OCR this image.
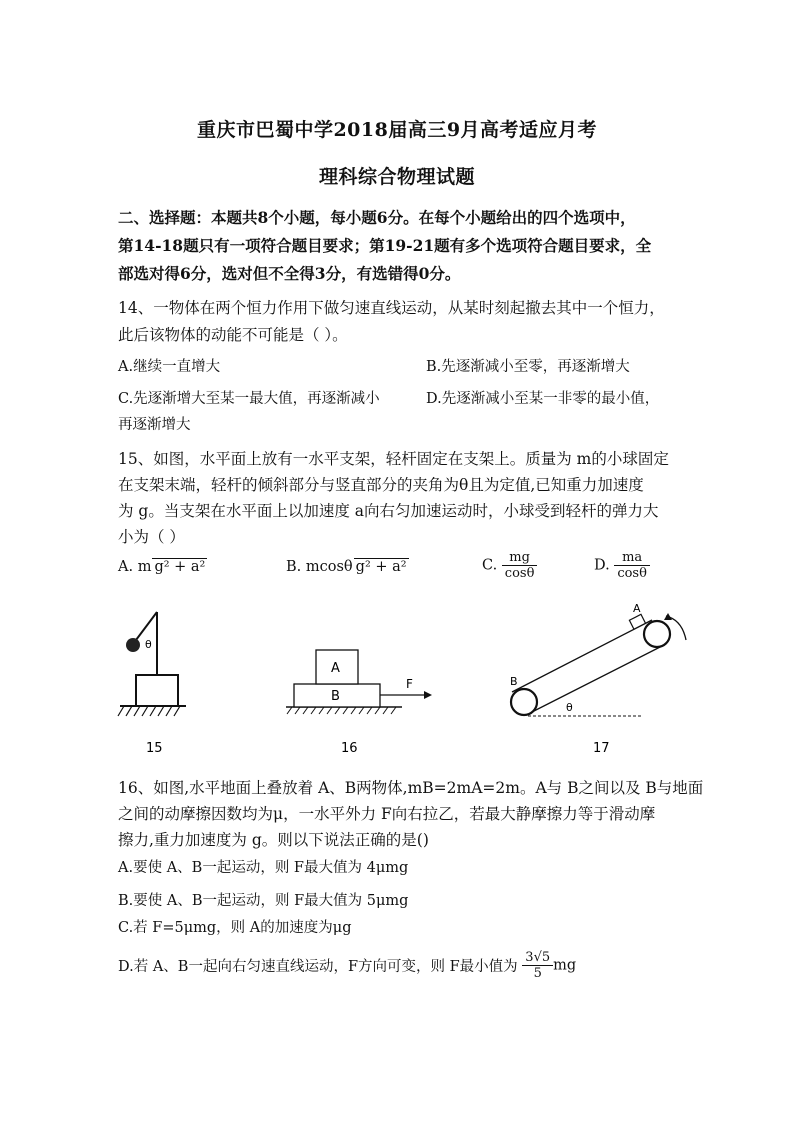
重庆市巴蜀中学2018届高三9月高考适应月考
理科综合物理试题
二、选择题：本题共8个小题，每小题6分。在每个小题给出的四个选项中，
第14-18题只有一项符合题目要求；第19-21题有多个选项符合题目要求，全
部选对得6分，选对但不全得3分，有选错得0分。
14、一物体在两个恒力作用下做匀速直线运动，从某时刻起撤去其中一个恒力，
此后该物体的动能不可能是（ ）。
A.继续一直增大	B.先逐渐减小至零，再逐渐增大
C.先逐渐增大至某一最大值，再逐渐减小	D.先逐渐减小至某一非零的最小值，
再逐渐增大
15、如图，水平面上放有一水平支架，轻杆固定在支架上。质量为 m的小球固定
在支架末端，轻杆的倾斜部分与竖直部分的夹角为θ且为定值,已知重力加速度
为 g。当支架在水平面上以加速度 a向右匀加速运动时，小球受到轻杆的弹力大
小为（ ）
A. m g² + a²	B. mcosθ g² + a²	C. $\frac{mg}{\cos\theta}$	D. $\frac{ma}{\cos\theta}$
θ
15
A
B
F
16
A
B
θ
17
16、如图,水平地面上叠放着 A、B两物体,mB=2mA=2m。A与 B之间以及 B与地面
之间的动摩擦因数均为μ，一水平外力 F向右拉乙，若最大静摩擦力等于滑动摩
擦力,重力加速度为 g。则以下说法正确的是()
A.要使 A、B一起运动，则 F最大值为 4μmg
B.要使 A、B一起运动，则 F最大值为 5μmg
C.若 F=5μmg，则 A的加速度为μg
D.若 A、B一起向右匀速直线运动，F方向可变，则 F最小值为 $\frac{3√5}{5}$ mg
